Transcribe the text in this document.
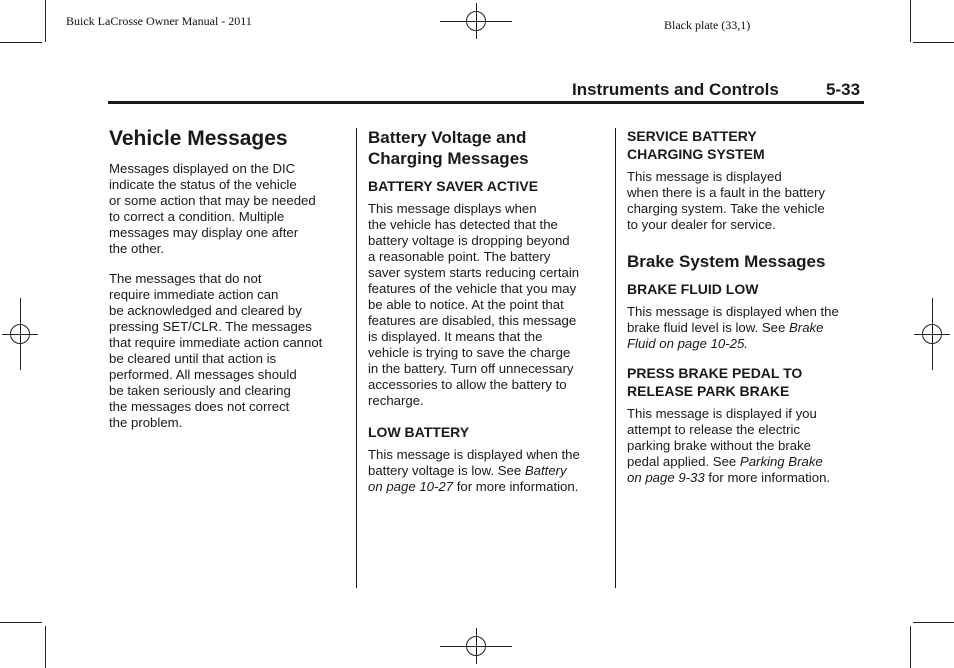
Buick LaCrosse Owner Manual - 2011	Black plate (33,1)
Instruments and Controls	5-33
Vehicle Messages

Messages displayed on the DIC
indicate the status of the vehicle
or some action that may be needed
to correct a condition. Multiple
messages may display one after
the other.

The messages that do not
require immediate action can
be acknowledged and cleared by
pressing SET/CLR. The messages
that require immediate action cannot
be cleared until that action is
performed. All messages should
be taken seriously and clearing
the messages does not correct
the problem.

Battery Voltage and
Charging Messages
BATTERY SAVER ACTIVE

This message displays when
the vehicle has detected that the
battery voltage is dropping beyond
a reasonable point. The battery
saver system starts reducing certain
features of the vehicle that you may
be able to notice. At the point that
features are disabled, this message
is displayed. It means that the
vehicle is trying to save the charge
in the battery. Turn off unnecessary
accessories to allow the battery to
recharge.

LOW BATTERY

This message is displayed when the
battery voltage is low. See Battery
on page 10-27 for more information.

SERVICE BATTERY
CHARGING SYSTEM

This message is displayed
when there is a fault in the battery
charging system. Take the vehicle
to your dealer for service.

Brake System Messages
BRAKE FLUID LOW

This message is displayed when the
brake fluid level is low. See Brake
Fluid on page 10-25.

PRESS BRAKE PEDAL TO
RELEASE PARK BRAKE

This message is displayed if you
attempt to release the electric
parking brake without the brake
pedal applied. See Parking Brake
on page 9-33 for more information.
